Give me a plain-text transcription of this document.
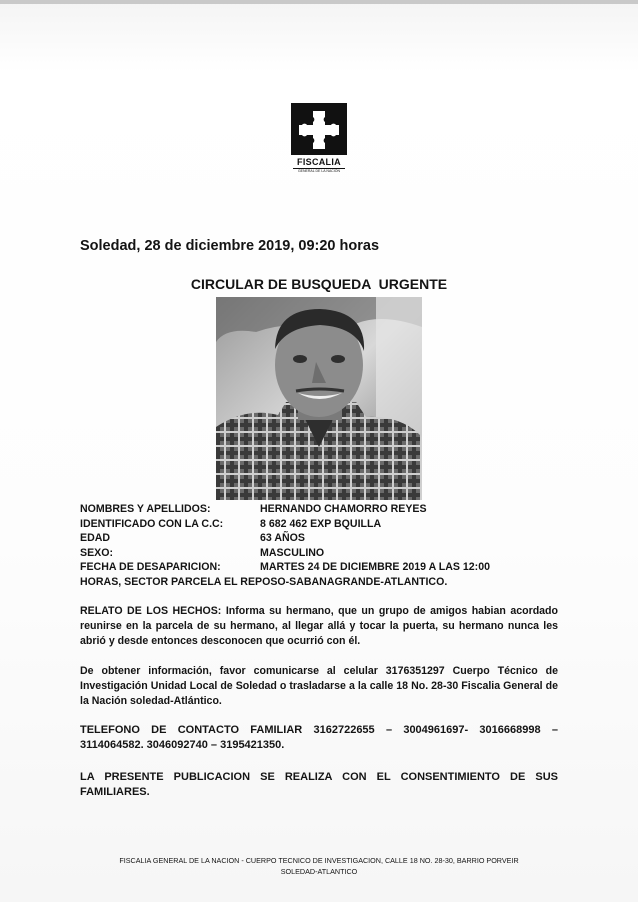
FISCALIA
GENERAL DE LA NACIÓN
Soledad, 28 de diciembre 2019, 09:20 horas
CIRCULAR DE BUSQUEDA  URGENTE
NOMBRES Y APELLIDOS:	HERNANDO CHAMORRO REYES
IDENTIFICADO CON LA C.C:	8 682 462 EXP BQUILLA
EDAD	63 AÑOS
SEXO:	MASCULINO
FECHA DE DESAPARICION:	MARTES 24 DE DICIEMBRE 2019 A LAS 12:00
HORAS, SECTOR PARCELA EL REPOSO-SABANAGRANDE-ATLANTICO.
RELATO DE LOS HECHOS: Informa su hermano, que un grupo de amigos habian acordado reunirse en la parcela de su hermano, al llegar allá y tocar la puerta, su hermano nunca les abrió y desde entonces desconocen que ocurrió con él.
De obtener información, favor comunicarse al celular 3176351297 Cuerpo Técnico de Investigación Unidad Local de Soledad o trasladarse a la calle 18 No. 28-30 Fiscalia General de la Nación soledad-Atlántico.
TELEFONO DE CONTACTO FAMILIAR 3162722655 – 3004961697- 3016668998 – 3114064582. 3046092740 – 3195421350.
LA PRESENTE PUBLICACION SE REALIZA CON EL CONSENTIMIENTO DE SUS FAMILIARES.
FISCALIA GENERAL DE LA NACION - CUERPO TECNICO DE INVESTIGACION, CALLE 18 NO. 28-30, BARRIO PORVEIR
SOLEDAD-ATLANTICO
